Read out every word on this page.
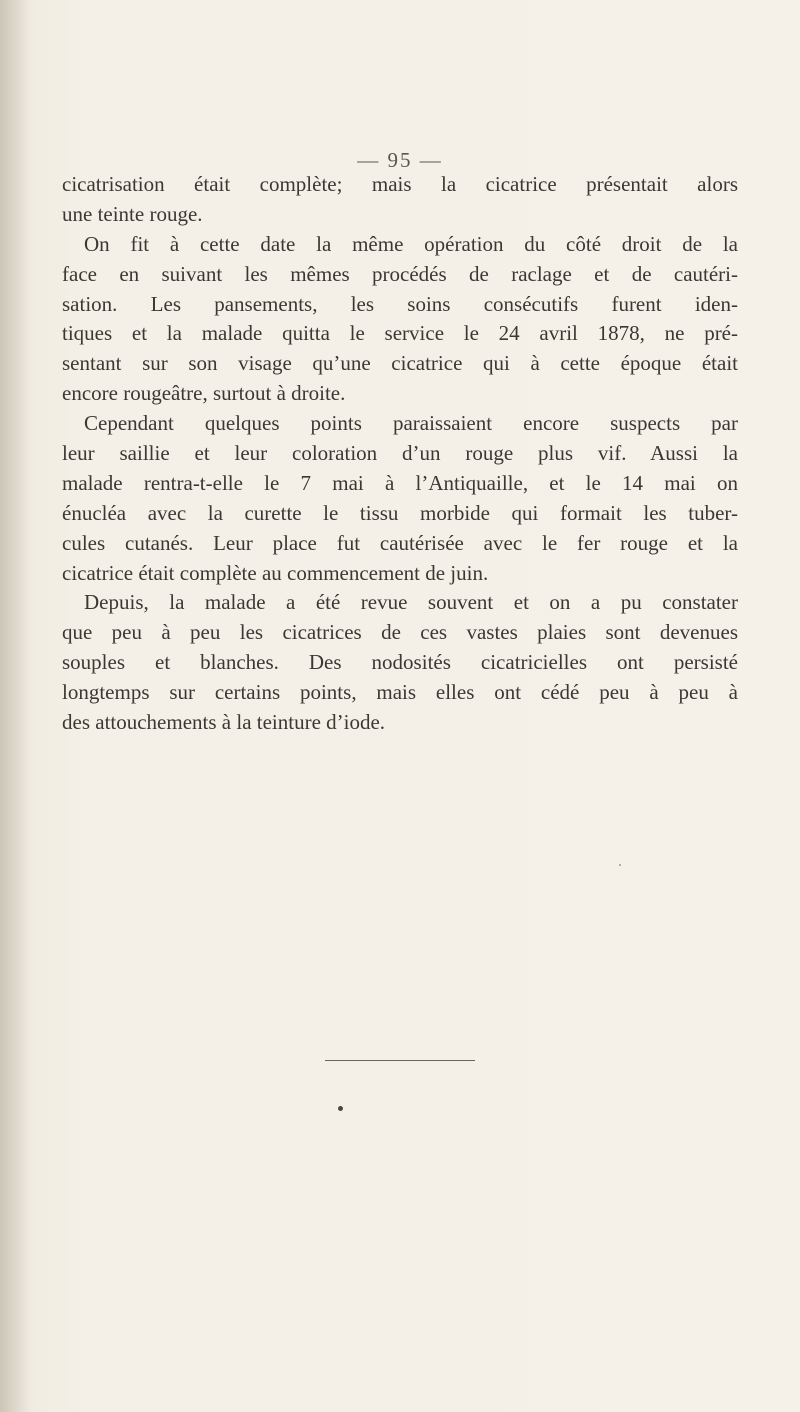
— 95 —
cicatrisation était complète; mais la cicatrice présentait alors
une teinte rouge.
On fit à cette date la même opération du côté droit de la
face en suivant les mêmes procédés de raclage et de cautéri-
sation. Les pansements, les soins consécutifs furent iden-
tiques et la malade quitta le service le 24 avril 1878, ne pré-
sentant sur son visage qu’une cicatrice qui à cette époque était
encore rougeâtre, surtout à droite.
Cependant quelques points paraissaient encore suspects par
leur saillie et leur coloration d’un rouge plus vif. Aussi la
malade rentra-t-elle le 7 mai à l’Antiquaille, et le 14 mai on
énucléa avec la curette le tissu morbide qui formait les tuber-
cules cutanés. Leur place fut cautérisée avec le fer rouge et la
cicatrice était complète au commencement de juin.
Depuis, la malade a été revue souvent et on a pu constater
que peu à peu les cicatrices de ces vastes plaies sont devenues
souples et blanches. Des nodosités cicatricielles ont persisté
longtemps sur certains points, mais elles ont cédé peu à peu à
des attouchements à la teinture d’iode.
